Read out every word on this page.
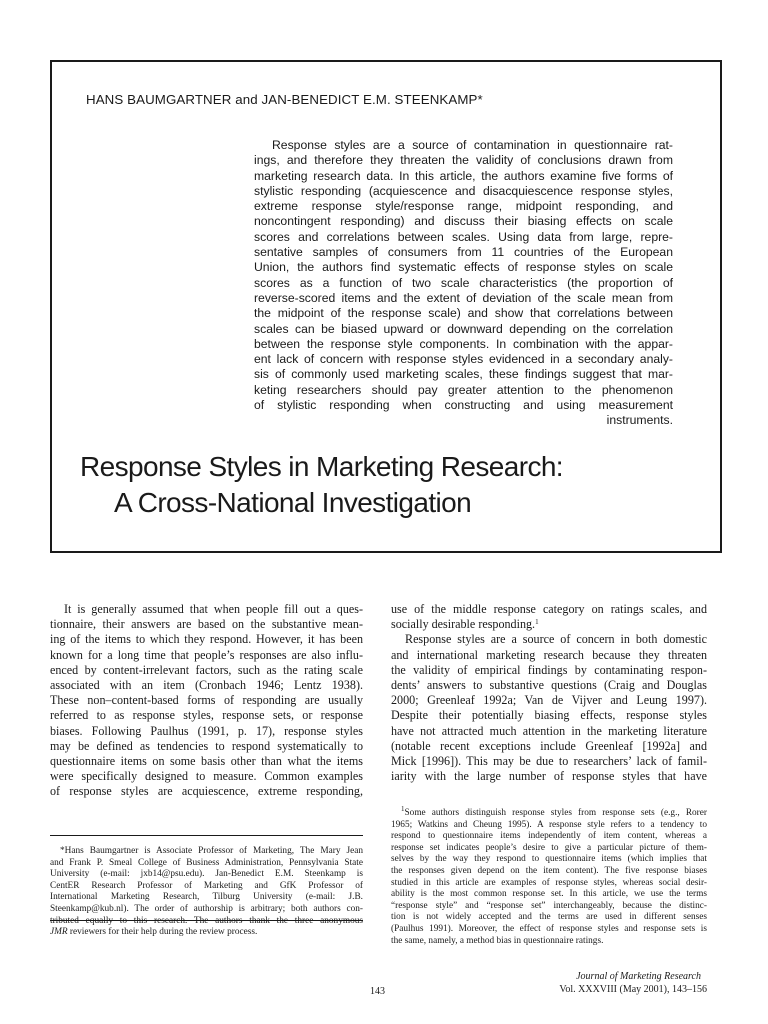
HANS BAUMGARTNER and JAN-BENEDICT E.M. STEENKAMP*
Response styles are a source of contamination in questionnaire rat-
ings, and therefore they threaten the validity of conclusions drawn from
marketing research data. In this article, the authors examine five forms of
stylistic responding (acquiescence and disacquiescence response styles,
extreme response style/response range, midpoint responding, and
noncontingent responding) and discuss their biasing effects on scale
scores and correlations between scales. Using data from large, repre-
sentative samples of consumers from 11 countries of the European
Union, the authors find systematic effects of response styles on scale
scores as a function of two scale characteristics (the proportion of
reverse-scored items and the extent of deviation of the scale mean from
the midpoint of the response scale) and show that correlations between
scales can be biased upward or downward depending on the correlation
between the response style components. In combination with the appar-
ent lack of concern with response styles evidenced in a secondary analy-
sis of commonly used marketing scales, these findings suggest that mar-
keting researchers should pay greater attention to the phenomenon
of stylistic responding when constructing and using measurement
instruments.
Response Styles in Marketing Research:

A Cross-National Investigation
It is generally assumed that when people fill out a ques-
tionnaire, their answers are based on the substantive mean-
ing of the items to which they respond. However, it has been
known for a long time that people’s responses are also influ-
enced by content-irrelevant factors, such as the rating scale
associated with an item (Cronbach 1946; Lentz 1938).
These non–content-based forms of responding are usually
referred to as response styles, response sets, or response
biases. Following Paulhus (1991, p. 17), response styles
may be defined as tendencies to respond systematically to
questionnaire items on some basis other than what the items
were specifically designed to measure. Common examples
of response styles are acquiescence, extreme responding,
use of the middle response category on ratings scales, and
socially desirable responding.$^1$
Response styles are a source of concern in both domestic
and international marketing research because they threaten
the validity of empirical findings by contaminating respon-
dents’ answers to substantive questions (Craig and Douglas
2000; Greenleaf 1992a; Van de Vijver and Leung 1997).
Despite their potentially biasing effects, response styles
have not attracted much attention in the marketing literature
(notable recent exceptions include Greenleaf [1992a] and
Mick [1996]). This may be due to researchers’ lack of famil-
iarity with the large number of response styles that have
*Hans Baumgartner is Associate Professor of Marketing, The Mary Jean
and Frank P. Smeal College of Business Administration, Pennsylvania State
University (e-mail: jxb14@psu.edu). Jan-Benedict E.M. Steenkamp is
CentER Research Professor of Marketing and GfK Professor of
International Marketing Research, Tilburg University (e-mail: J.B.
Steenkamp@kub.nl). The order of authorship is arbitrary; both authors con-
tributed equally to this research. The authors thank the three anonymous
JMR reviewers for their help during the review process.
$^1$Some authors distinguish response styles from response sets (e.g., Rorer
1965; Watkins and Cheung 1995). A response style refers to a tendency to
respond to questionnaire items independently of item content, whereas a
response set indicates people’s desire to give a particular picture of them-
selves by the way they respond to questionnaire items (which implies that
the responses given depend on the item content). The five response biases
studied in this article are examples of response styles, whereas social desir-
ability is the most common response set. In this article, we use the terms
“response style” and “response set” interchangeably, because the distinc-
tion is not widely accepted and the terms are used in different senses
(Paulhus 1991). Moreover, the effect of response styles and response sets is
the same, namely, a method bias in questionnaire ratings.
143
Journal of Marketing Research
Vol. XXXVIII (May 2001), 143–156
